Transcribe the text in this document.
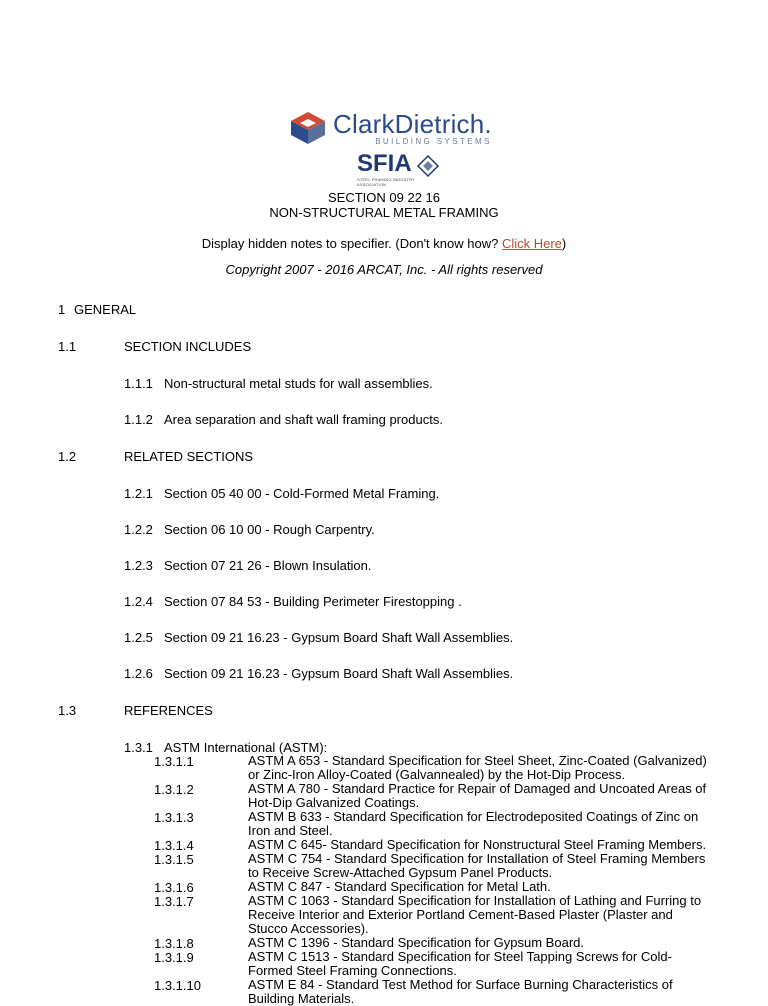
ClarkDietrich.
BUILDING SYSTEMS
SFIA
STEEL FRAMING INDUSTRY ASSOCIATION
SECTION 09 22 16
NON-STRUCTURAL METAL FRAMING
Display hidden notes to specifier. (Don't know how? Click Here)
Copyright 2007 - 2016 ARCAT, Inc. - All rights reserved
1 GENERAL
1.1	SECTION INCLUDES
1.1.1 Non-structural metal studs for wall assemblies.
1.1.2 Area separation and shaft wall framing products.
1.2	RELATED SECTIONS
1.2.1 Section 05 40 00 - Cold-Formed Metal Framing.
1.2.2 Section 06 10 00 - Rough Carpentry.
1.2.3 Section 07 21 26 - Blown Insulation.
1.2.4 Section 07 84 53 - Building Perimeter Firestopping .
1.2.5 Section 09 21 16.23 - Gypsum Board Shaft Wall Assemblies.
1.2.6 Section 09 21 16.23 - Gypsum Board Shaft Wall Assemblies.
1.3	REFERENCES
1.3.1 ASTM International (ASTM):
1.3.1.1	ASTM A 653 - Standard Specification for Steel Sheet, Zinc-Coated (Galvanized) or Zinc-Iron Alloy-Coated (Galvannealed) by the Hot-Dip Process.
1.3.1.2	ASTM A 780 - Standard Practice for Repair of Damaged and Uncoated Areas of Hot-Dip Galvanized Coatings.
1.3.1.3	ASTM B 633 - Standard Specification for Electrodeposited Coatings of Zinc on Iron and Steel.
1.3.1.4	ASTM C 645- Standard Specification for Nonstructural Steel Framing Members.
1.3.1.5	ASTM C 754 - Standard Specification for Installation of Steel Framing Members to Receive Screw-Attached Gypsum Panel Products.
1.3.1.6	ASTM C 847 - Standard Specification for Metal Lath.
1.3.1.7	ASTM C 1063 - Standard Specification for Installation of Lathing and Furring to Receive Interior and Exterior Portland Cement-Based Plaster (Plaster and Stucco Accessories).
1.3.1.8	ASTM C 1396 - Standard Specification for Gypsum Board.
1.3.1.9	ASTM C 1513 - Standard Specification for Steel Tapping Screws for Cold-Formed Steel Framing Connections.
1.3.1.10	ASTM E 84 - Standard Test Method for Surface Burning Characteristics of Building Materials.
